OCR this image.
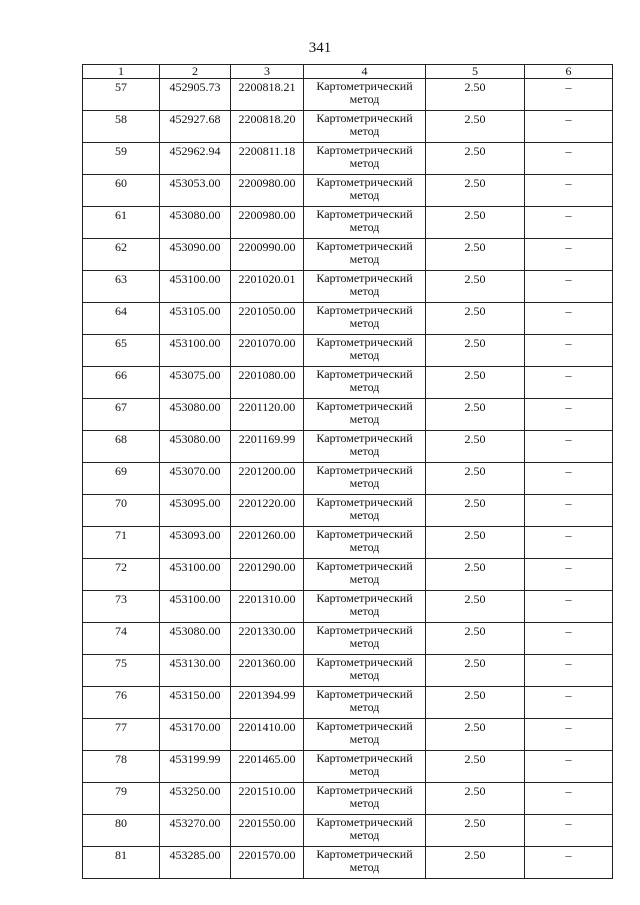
341
1	2	3	4	5	6
57	452905.73	2200818.21	Картометрический метод	2.50	–
58	452927.68	2200818.20	Картометрический метод	2.50	–
59	452962.94	2200811.18	Картометрический метод	2.50	–
60	453053.00	2200980.00	Картометрический метод	2.50	–
61	453080.00	2200980.00	Картометрический метод	2.50	–
62	453090.00	2200990.00	Картометрический метод	2.50	–
63	453100.00	2201020.01	Картометрический метод	2.50	–
64	453105.00	2201050.00	Картометрический метод	2.50	–
65	453100.00	2201070.00	Картометрический метод	2.50	–
66	453075.00	2201080.00	Картометрический метод	2.50	–
67	453080.00	2201120.00	Картометрический метод	2.50	–
68	453080.00	2201169.99	Картометрический метод	2.50	–
69	453070.00	2201200.00	Картометрический метод	2.50	–
70	453095.00	2201220.00	Картометрический метод	2.50	–
71	453093.00	2201260.00	Картометрический метод	2.50	–
72	453100.00	2201290.00	Картометрический метод	2.50	–
73	453100.00	2201310.00	Картометрический метод	2.50	–
74	453080.00	2201330.00	Картометрический метод	2.50	–
75	453130.00	2201360.00	Картометрический метод	2.50	–
76	453150.00	2201394.99	Картометрический метод	2.50	–
77	453170.00	2201410.00	Картометрический метод	2.50	–
78	453199.99	2201465.00	Картометрический метод	2.50	–
79	453250.00	2201510.00	Картометрический метод	2.50	–
80	453270.00	2201550.00	Картометрический метод	2.50	–
81	453285.00	2201570.00	Картометрический метод	2.50	–
